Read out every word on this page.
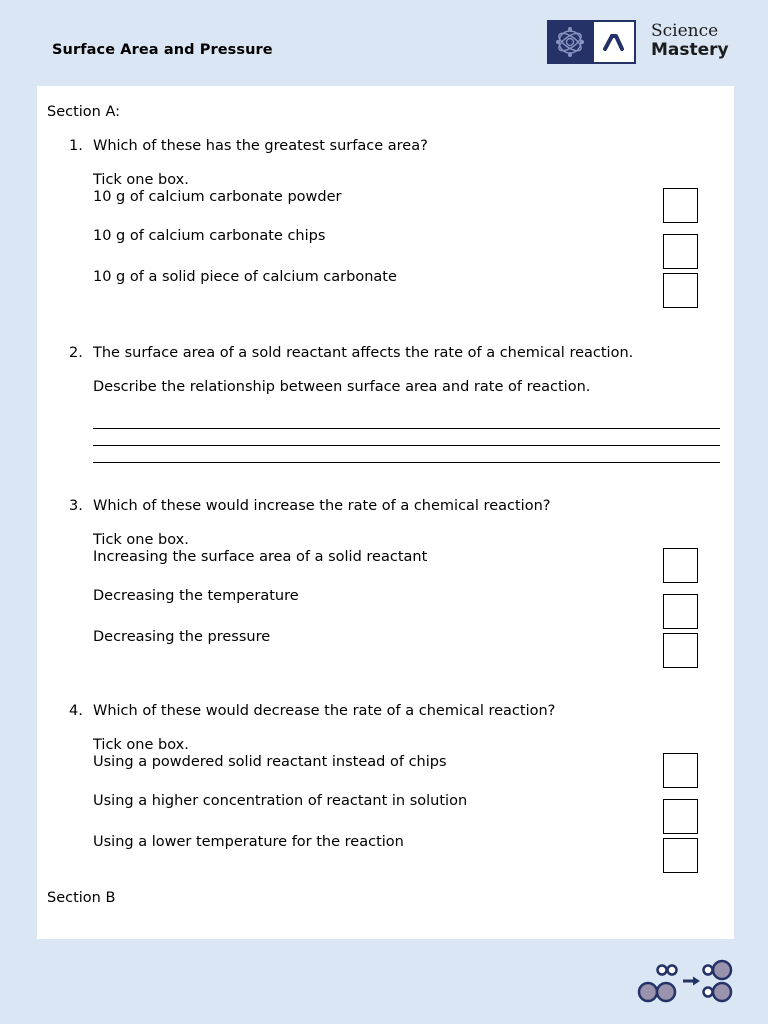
Surface Area and Pressure
Science
Mastery
Section A:
1. Which of these has the greatest surface area?
Tick one box.
10 g of calcium carbonate powder
10 g of calcium carbonate chips
10 g of a solid piece of calcium carbonate
2. The surface area of a sold reactant affects the rate of a chemical reaction.
Describe the relationship between surface area and rate of reaction.
3. Which of these would increase the rate of a chemical reaction?
Tick one box.
Increasing the surface area of a solid reactant
Decreasing the temperature
Decreasing the pressure
4. Which of these would decrease the rate of a chemical reaction?
Tick one box.
Using a powdered solid reactant instead of chips
Using a higher concentration of reactant in solution
Using a lower temperature for the reaction
Section B
